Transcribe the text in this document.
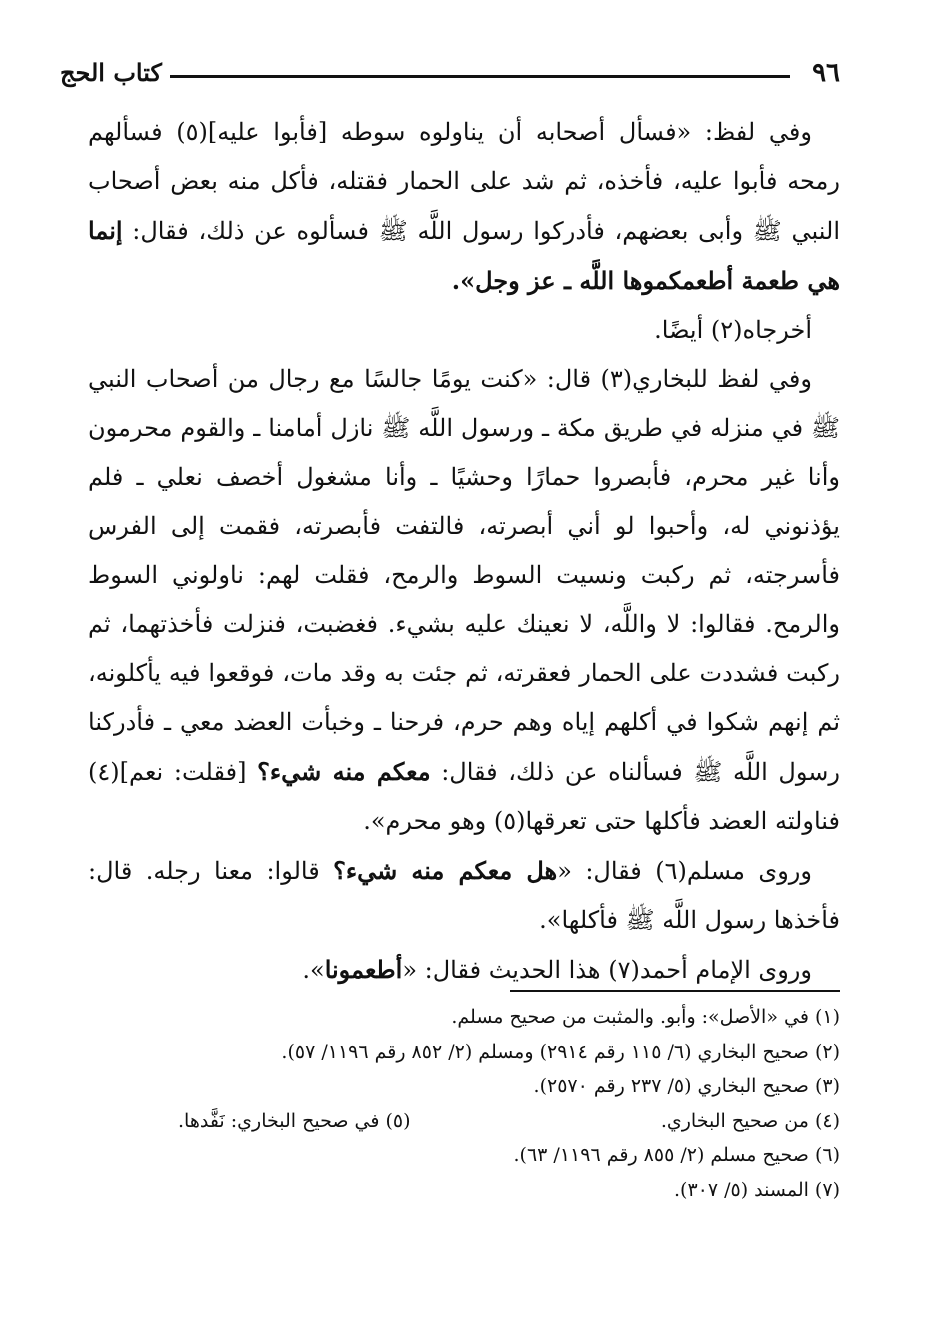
٩٦
كتاب الحج

وفي لفظ: «فسأل أصحابه أن يناولوه سوطه [فأبوا عليه](٥) فسألهم رمحه فأبوا عليه، فأخذه، ثم شد على الحمار فقتله، فأكل منه بعض أصحاب النبي ﷺ وأبى بعضهم، فأدركوا رسول اللَّه ﷺ فسألوه عن ذلك، فقال: إنما هي طعمة أطعمكموها اللَّه ـ عز وجل».

أخرجاه(٢) أيضًا.

وفي لفظ للبخاري(٣) قال: «كنت يومًا جالسًا مع رجال من أصحاب النبي ﷺ في منزله في طريق مكة ـ ورسول اللَّه ﷺ نازل أمامنا ـ والقوم محرمون وأنا غير محرم، فأبصروا حمارًا وحشيًا ـ وأنا مشغول أخصف نعلي ـ فلم يؤذنوني له، وأحبوا لو أني أبصرته، فالتفت فأبصرته، فقمت إلى الفرس فأسرجته، ثم ركبت ونسيت السوط والرمح، فقلت لهم: ناولوني السوط والرمح. فقالوا: لا واللَّه، لا نعينك عليه بشيء. فغضبت، فنزلت فأخذتهما، ثم ركبت فشددت على الحمار فعقرته، ثم جئت به وقد مات، فوقعوا فيه يأكلونه، ثم إنهم شكوا في أكلهم إياه وهم حرم، فرحنا ـ وخبأت العضد معي ـ فأدركنا رسول اللَّه ﷺ فسألناه عن ذلك، فقال: معكم منه شيء؟ [فقلت: نعم](٤) فناولته العضد فأكلها حتى تعرقها(٥) وهو محرم».

وروى مسلم(٦) فقال: «هل معكم منه شيء؟ قالوا: معنا رجله. قال: فأخذها رسول اللَّه ﷺ فأكلها».

وروى الإمام أحمد(٧) هذا الحديث فقال: «أطعمونا».

(١) في «الأصل»: وأبو. والمثبت من صحيح مسلم.
(٢) صحيح البخاري (٦/ ١١٥ رقم ٢٩١٤) ومسلم (٢/ ٨٥٢ رقم ١١٩٦/ ٥٧).
(٣) صحيح البخاري (٥/ ٢٣٧ رقم ٢٥٧٠).
(٤) من صحيح البخاري.
(٥) في صحيح البخاري: نَفَّدها.
(٦) صحيح مسلم (٢/ ٨٥٥ رقم ١١٩٦/ ٦٣).
(٧) المسند (٥/ ٣٠٧).
